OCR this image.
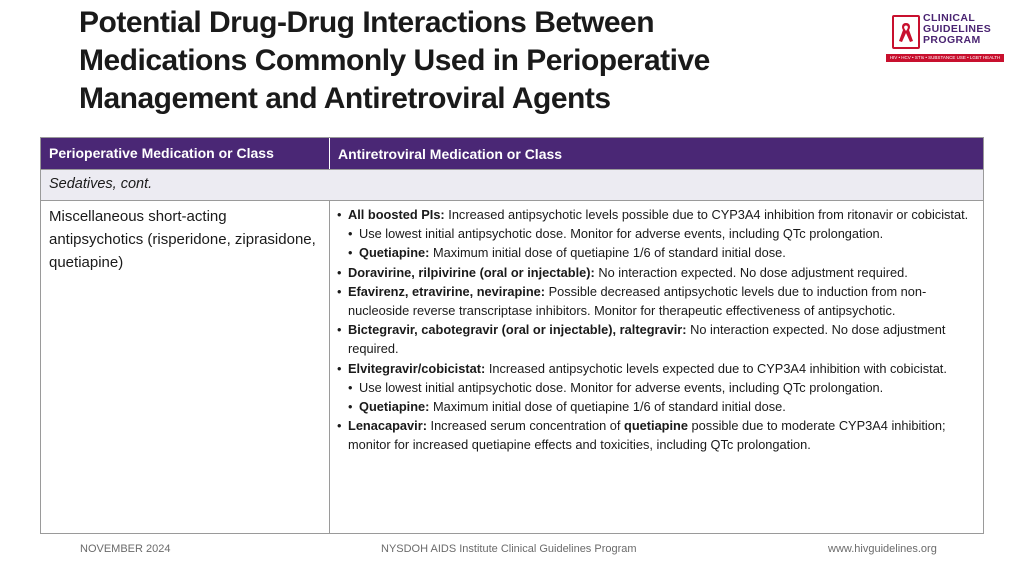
Potential Drug-Drug Interactions Between
Medications Commonly Used in Perioperative
Management and Antiretroviral Agents
CLINICAL
GUIDELINES
PROGRAM
HIV • HCV • STIs • SUBSTANCE USE • LGBT HEALTH
Perioperative Medication or Class	Antiretroviral Medication or Class
Sedatives, cont.
Miscellaneous short-acting antipsychotics (risperidone, ziprasidone, quetiapine)
• All boosted PIs: Increased antipsychotic levels possible due to CYP3A4 inhibition from ritonavir or cobicistat.
• Use lowest initial antipsychotic dose. Monitor for adverse events, including QTc prolongation.
• Quetiapine: Maximum initial dose of quetiapine 1/6 of standard initial dose.
• Doravirine, rilpivirine (oral or injectable): No interaction expected. No dose adjustment required.
• Efavirenz, etravirine, nevirapine: Possible decreased antipsychotic levels due to induction from non-nucleoside reverse transcriptase inhibitors. Monitor for therapeutic effectiveness of antipsychotic.
• Bictegravir, cabotegravir (oral or injectable), raltegravir: No interaction expected. No dose adjustment required.
• Elvitegravir/cobicistat: Increased antipsychotic levels expected due to CYP3A4 inhibition with cobicistat.
• Use lowest initial antipsychotic dose. Monitor for adverse events, including QTc prolongation.
• Quetiapine: Maximum initial dose of quetiapine 1/6 of standard initial dose.
• Lenacapavir: Increased serum concentration of quetiapine possible due to moderate CYP3A4 inhibition; monitor for increased quetiapine effects and toxicities, including QTc prolongation.
NOVEMBER 2024	NYSDOH AIDS Institute Clinical Guidelines Program	www.hivguidelines.org
